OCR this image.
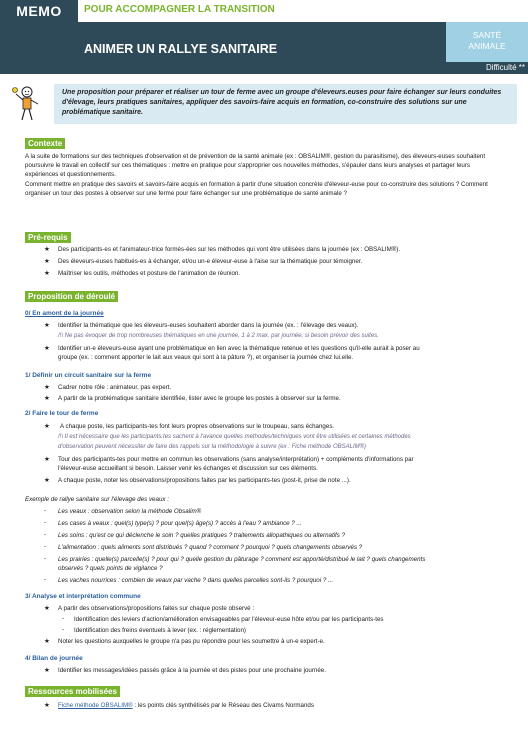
MEMO	POUR ACCOMPAGNER LA TRANSITION
ANIMER UN RALLYE SANITAIRE
SANTÉ
ANIMALE
Difficulté **
Une proposition pour préparer et réaliser un tour de ferme avec un groupe d'éleveurs.euses pour faire échanger sur leurs conduites d'élevage, leurs pratiques sanitaires, appliquer des savoirs-faire acquis en formation, co-construire des solutions sur une problématique sanitaire.
Contexte
A la suite de formations sur des techniques d'observation et de prévention de la santé animale (ex : OBSALIM®, gestion du parasitisme), des éleveurs-euses souhaitent poursuivre le travail en collectif sur ces thématiques : mettre en pratique pour s'approprier ces nouvelles méthodes, s'épauler dans leurs analyses et partager leurs expériences et questionnements.
Comment mettre en pratique des savoirs et savoirs-faire acquis en formation à partir d'une situation concrète d'éleveur-euse pour co-construire des solutions ? Comment organiser un tour des postes à observer sur une ferme pour faire échanger sur une problématique de santé animale ?
Pré-requis
★ Des participants-es et l'animateur-trice formés-ées sur les méthodes qui vont être utilisées dans la journée (ex : OBSALIM®).
★ Des éleveurs-euses habitués-es à échanger, et/ou un-e éleveur-euse à l'aise sur la thématique pour témoigner.
★ Maîtriser les outils, méthodes et posture de l'animation de réunion.
Proposition de déroulé
0/ En amont de la journée
★ Identifier la thématique que les éleveurs-euses souhaitent aborder dans la journée (ex. : l'élevage des veaux).
/!\ Ne pas évoquer de trop nombreuses thématiques en une journée, 1 à 2 max. par journée, si besoin prévoir des suites.
★ Identifier un-e éleveurs-euse ayant une problématique en lien avec la thématique retenue et les questions qu'il-elle aurait à poser au
groupe (ex. : comment apporter le lait aux veaux qui sont à la pâture ?), et organiser la journée chez lui.elle.
1/ Définir un circuit sanitaire sur la ferme
★ Cadrer notre rôle : animateur, pas expert.
★ A partir de la problématique sanitaire identifiée, lister avec le groupe les postes à observer sur la ferme.
2/ Faire le tour de ferme
★ A chaque poste, les participants-tes font leurs propres observations sur le troupeau, sans échanges.
/!\ Il est nécessaire que les participants.tes sachent à l'avance quelles méthodes/techniques vont être utilisées et certaines méthodes
d'observation peuvent nécessiter de faire des rappels sur la méthodologie à suivre (ex : Fiche méthode OBSALIM®)
★ Tour des participants-tes pour mettre en commun les observations (sans analyse/interprétation) + compléments d'informations par
l'éleveur-euse accueillant si besoin. Laisser venir les échanges et discussion sur ces éléments.
★ A chaque poste, noter les observations/propositions faites par les participants-tes (post-it, prise de note ...).
Exemple de rallye sanitaire sur l'élevage des veaux :
- Les veaux : observation selon la méthode Obsalim®
- Les cases à veaux : quel(s) type(s) ? pour quel(s) âge(s) ? accès à l'eau ? ambiance ? ...
- Les soins : qu'est ce qui déclenche le soin ? quelles pratiques ? traitements allopathiques ou alternatifs ?
- L'alimentation : quels aliments sont distribués ? quand ? comment ? pourquoi ? quels changements observés ?
- Les prairies : quelle(s) parcelle(s) ? pour qui ? quelle gestion du pâturage ? comment est apporté/distribué le lait ? quels changements
observés ? quels points de vigilance ?
- Les vaches nourrices : combien de veaux par vache ? dans quelles parcelles sont-ils ? pourquoi ? ...
3/ Analyse et interprétation commune
★ A partir des observations/propositions faites sur chaque poste observé :
- Identification des leviers d'action/amélioration envisageables par l'éleveur-euse hôte et/ou par les participants-tes
- Identification des freins éventuels à lever (ex. : réglementation)
★ Noter les questions auxquelles le groupe n'a pas pu répondre pour les soumettre à un-e expert-e.
4/ Bilan de journée
★ Identifier les messages/idées passés grâce à la journée et des pistes pour une prochaine journée.
Ressources mobilisées
★ Fiche méthode OBSALIM® : les points clés synthétisés par le Réseau des Civams Normands
